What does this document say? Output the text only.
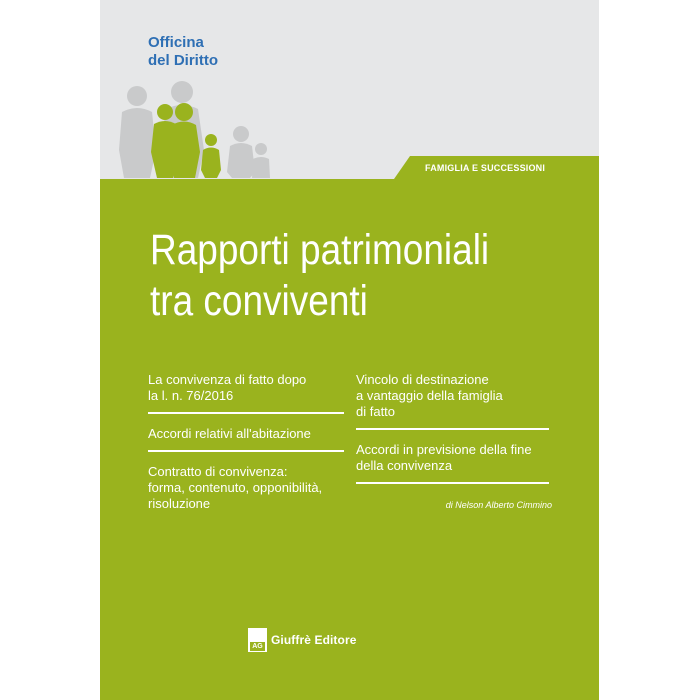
Officina
del Diritto
FAMIGLIA E SUCCESSIONI
Rapporti patrimoniali
tra conviventi
La convivenza di fatto dopo
la l. n. 76/2016
Accordi relativi all'abitazione
Contratto di convivenza:
forma, contenuto, opponibilità,
risoluzione
Vincolo di destinazione
a vantaggio della famiglia
di fatto
Accordi in previsione della fine
della convivenza
di Nelson Alberto Cimmino
AG Giuffrè Editore
